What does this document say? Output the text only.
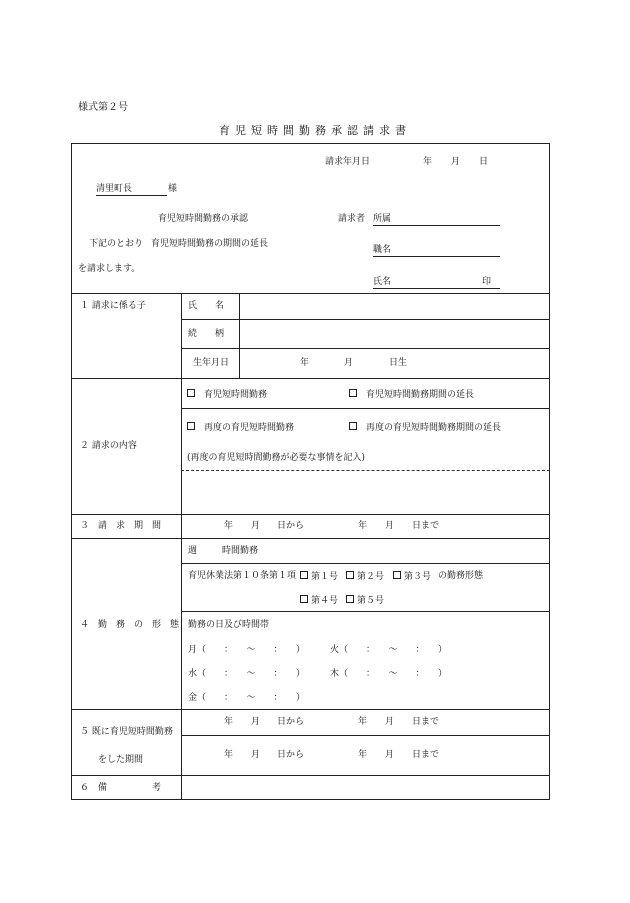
様式第２号
育児短時間勤務承認請求書
請求年月日	年 月 日
清里町長	様
育児短時間勤務の承認
下記のとおり 育児短時間勤務の期間の延長
を請求します。
請求者 所属
職名
氏名	印
１ 請求に係る子	氏　　名
続　　柄
生年月日	年	月	日生
２ 請求の内容
育児短時間勤務	育児短時間勤務期間の延長
再度の育児短時間勤務	再度の育児短時間勤務期間の延長
(再度の育児短時間勤務が必要な事情を記入)
３　請　求　期　間	年 月 日から	年 月 日まで
４　勤　務　の　形　態
週	時間勤務
育児休業法第１０条第１項	第１号	第２号	第３号 の勤務形態
第４号	第５号
勤務の日及び時間帯
月（　　：　　～　　：　　）	火（　　：　　～　　：　　）
水（　　：　　～　　：　　）	木（　　：　　～　　：　　）
金（　　：　　～　　：　　）
５ 既に育児短時間勤務
をした期間
年 月 日から	年 月 日まで
年 月 日から	年 月 日まで
６　備　　　　　考
